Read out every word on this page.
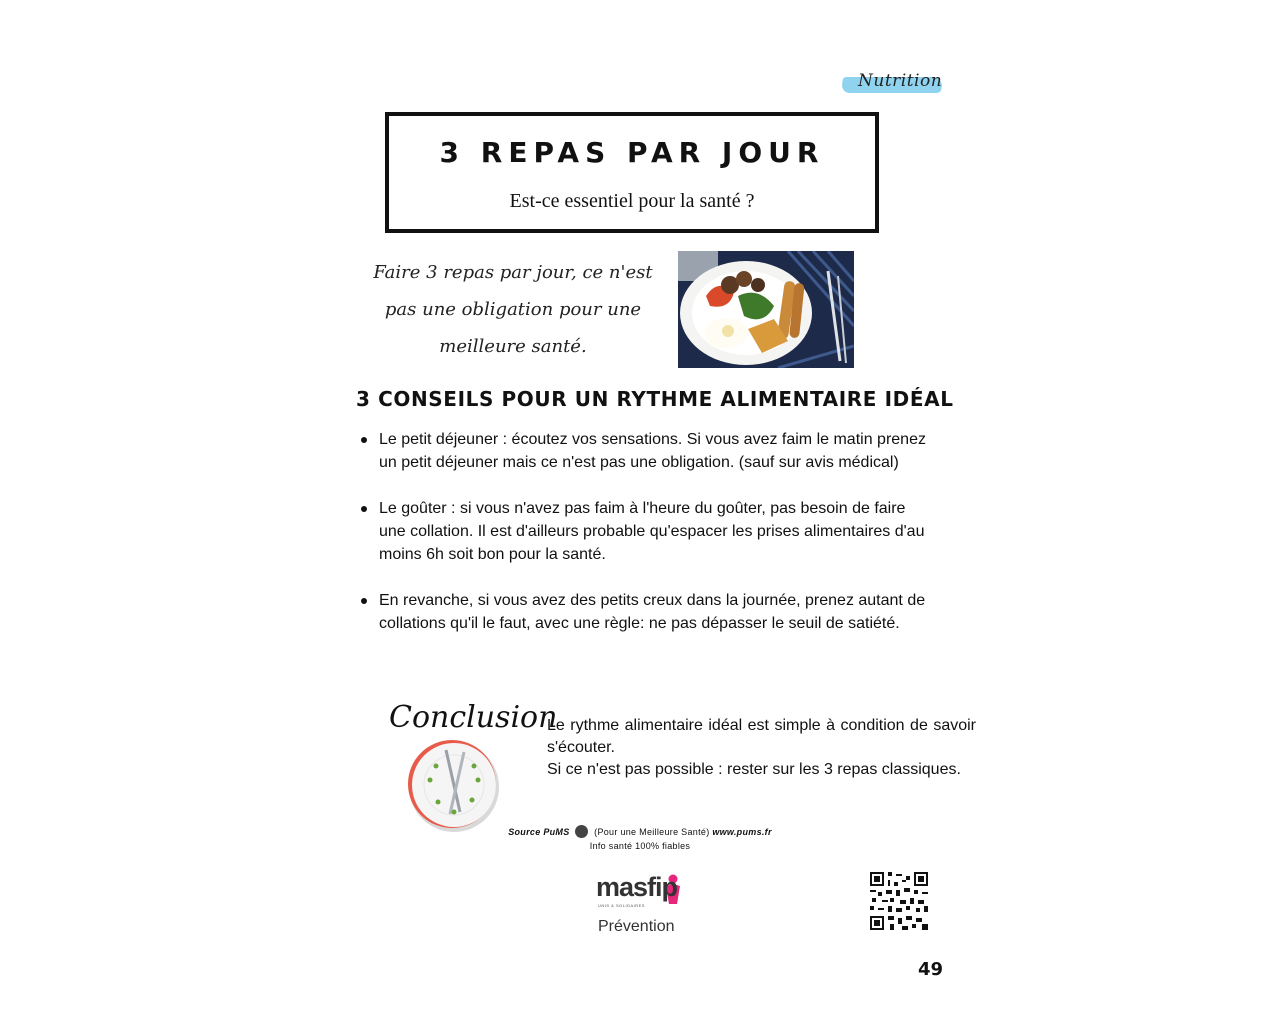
Nutrition
3 REPAS PAR JOUR
Est-ce essentiel pour la santé ?
Faire 3 repas par jour, ce n'est
pas une obligation pour une
meilleure santé.
3 CONSEILS POUR UN RYTHME ALIMENTAIRE IDÉAL
Le petit déjeuner : écoutez vos sensations. Si vous avez faim le matin prenez un petit déjeuner mais ce n'est pas une obligation. (sauf sur avis médical)
Le goûter : si vous n'avez pas faim à l'heure du goûter, pas besoin de faire une collation. Il est d'ailleurs probable qu'espacer les prises alimentaires d'au moins 6h soit bon pour la santé.
En revanche, si vous avez des petits creux dans la journée, prenez autant de collations qu'il le faut, avec une règle: ne pas dépasser le seuil de satiété.
Conclusion

Le rythme alimentaire idéal est simple à condition de savoir s'écouter.

Si ce n'est pas possible : rester sur les 3 repas classiques.

Source PuMS	(Pour une Meilleure Santé) www.pums.fr
Info santé 100% fiables
masfip
UNIS & SOLIDAIRES
Prévention
49
